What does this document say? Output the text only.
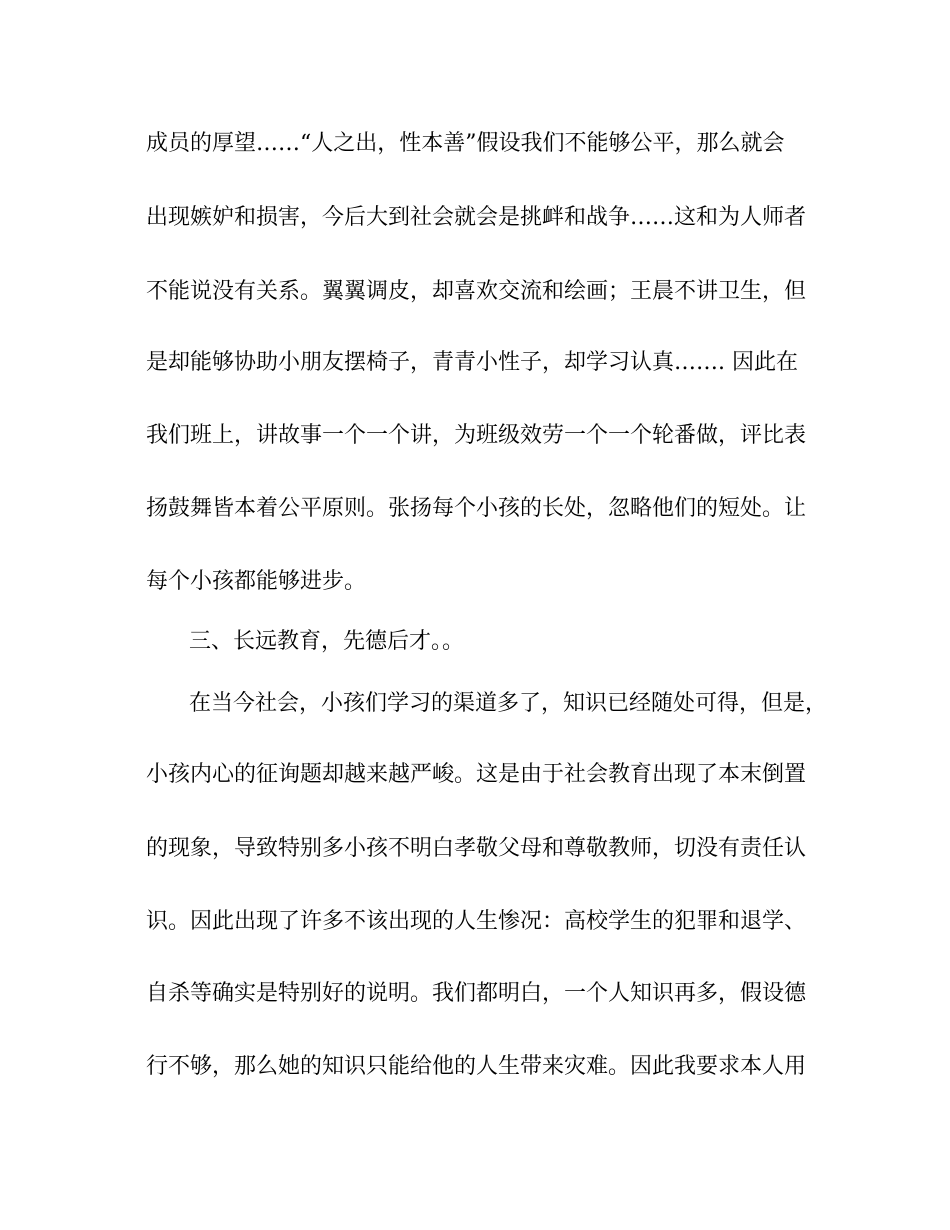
成员的厚望……“人之出，性本善”假设我们不能够公平，那么就会
出现嫉妒和损害，今后大到社会就会是挑衅和战争……这和为人师者
不能说没有关系。翼翼调皮，却喜欢交流和绘画；王晨不讲卫生，但
是却能够协助小朋友摆椅子，青青小性子，却学习认真……. 因此在
我们班上，讲故事一个一个讲，为班级效劳一个一个轮番做，评比表
扬鼓舞皆本着公平原则。张扬每个小孩的长处，忽略他们的短处。让
每个小孩都能够进步。
三、长远教育，先德后才。。
在当今社会，小孩们学习的渠道多了，知识已经随处可得，但是，
小孩内心的征询题却越来越严峻。这是由于社会教育出现了本末倒置
的现象，导致特别多小孩不明白孝敬父母和尊敬教师，切没有责任认
识。因此出现了许多不该出现的人生惨况：高校学生的犯罪和退学、
自杀等确实是特别好的说明。我们都明白，一个人知识再多，假设德
行不够，那么她的知识只能给他的人生带来灾难。因此我要求本人用
